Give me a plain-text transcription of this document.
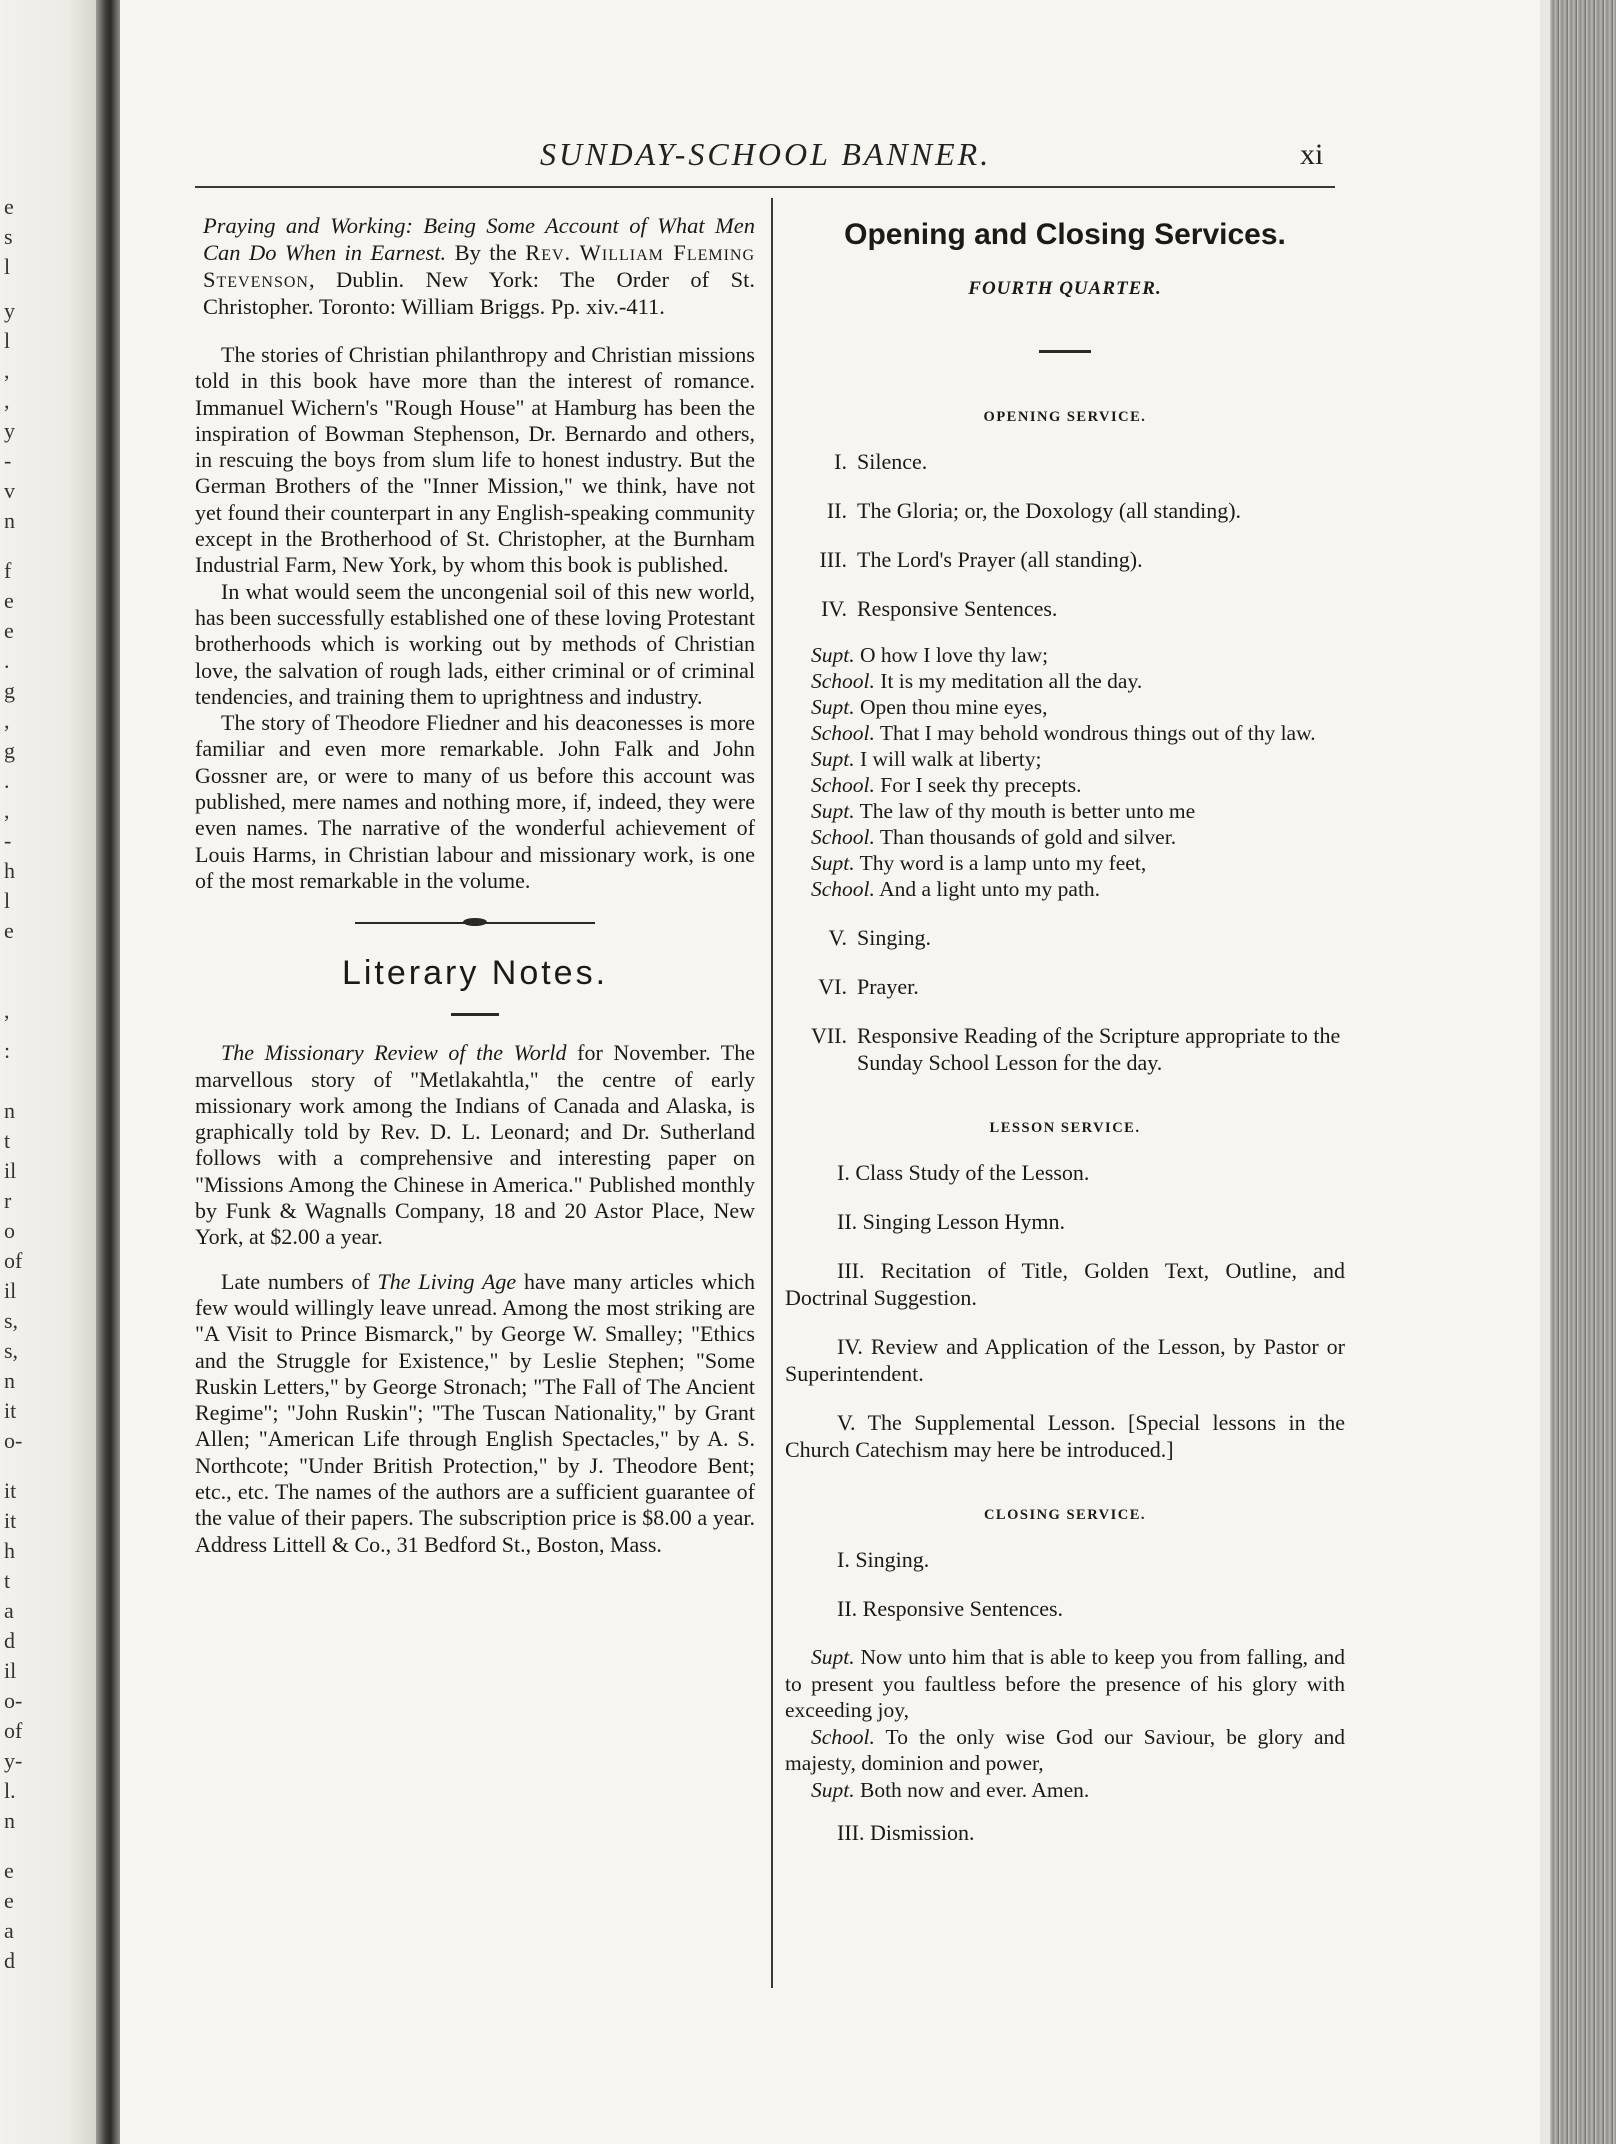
e
s
l
y
l
,
,
y
-
v
n
f
e
e
.
g
,
g
.
,
-
h
l
e
,
:
n
t
il
r
o
of
il
s,
s,
n
it
o-
it
it
h
t
a
d
il
o-
of
y-
l.
n
e
e
a
d
SUNDAY-SCHOOL BANNER.	xi
Praying and Working: Being Some Account of What Men Can Do When in Earnest. By the Rev. William Fleming Stevenson, Dublin. New York: The Order of St. Christopher. Toronto: William Briggs. Pp. xiv.-411.

The stories of Christian philanthropy and Christian missions told in this book have more than the interest of romance. Immanuel Wichern's "Rough House" at Hamburg has been the inspiration of Bowman Stephenson, Dr. Bernardo and others, in rescuing the boys from slum life to honest industry. But the German Brothers of the "Inner Mission," we think, have not yet found their counterpart in any English-speaking community except in the Brotherhood of St. Christopher, at the Burnham Industrial Farm, New York, by whom this book is published.

In what would seem the uncongenial soil of this new world, has been successfully established one of these loving Protestant brotherhoods which is working out by methods of Christian love, the salvation of rough lads, either criminal or of criminal tendencies, and training them to uprightness and industry.

The story of Theodore Fliedner and his deaconesses is more familiar and even more remarkable. John Falk and John Gossner are, or were to many of us before this account was published, mere names and nothing more, if, indeed, they were even names. The narrative of the wonderful achievement of Louis Harms, in Christian labour and missionary work, is one of the most remarkable in the volume.

Literary Notes.

The Missionary Review of the World for November. The marvellous story of "Metlakahtla," the centre of early missionary work among the Indians of Canada and Alaska, is graphically told by Rev. D. L. Leonard; and Dr. Sutherland follows with a comprehensive and interesting paper on "Missions Among the Chinese in America." Published monthly by Funk & Wagnalls Company, 18 and 20 Astor Place, New York, at $2.00 a year.

Late numbers of The Living Age have many articles which few would willingly leave unread. Among the most striking are "A Visit to Prince Bismarck," by George W. Smalley; "Ethics and the Struggle for Existence," by Leslie Stephen; "Some Ruskin Letters," by George Stronach; "The Fall of The Ancient Regime"; "John Ruskin"; "The Tuscan Nationality," by Grant Allen; "American Life through English Spectacles," by A. S. Northcote; "Under British Protection," by J. Theodore Bent; etc., etc. The names of the authors are a sufficient guarantee of the value of their papers. The subscription price is $8.00 a year. Address Littell & Co., 31 Bedford St., Boston, Mass.

Opening and Closing Services.
FOURTH QUARTER.
OPENING SERVICE.
I. Silence.
II. The Gloria; or, the Doxology (all standing).
III. The Lord's Prayer (all standing).
IV. Responsive Sentences.

Supt. O how I love thy law;

School. It is my meditation all the day.

Supt. Open thou mine eyes,

School. That I may behold wondrous things out of thy law.

Supt. I will walk at liberty;

School. For I seek thy precepts.

Supt. The law of thy mouth is better unto me

School. Than thousands of gold and silver.

Supt. Thy word is a lamp unto my feet,

School. And a light unto my path.

V. Singing.
VI. Prayer.
VII. Responsive Reading of the Scripture appropriate to the Sunday School Lesson for the day.
LESSON SERVICE.
I. Class Study of the Lesson.
II. Singing Lesson Hymn.
III. Recitation of Title, Golden Text, Outline, and Doctrinal Suggestion.
IV. Review and Application of the Lesson, by Pastor or Superintendent.
V. The Supplemental Lesson. [Special lessons in the Church Catechism may here be introduced.]
CLOSING SERVICE.
I. Singing.
II. Responsive Sentences.

Supt. Now unto him that is able to keep you from falling, and to present you faultless before the presence of his glory with exceeding joy,

School. To the only wise God our Saviour, be glory and majesty, dominion and power,

Supt. Both now and ever. Amen.

III. Dismission.
